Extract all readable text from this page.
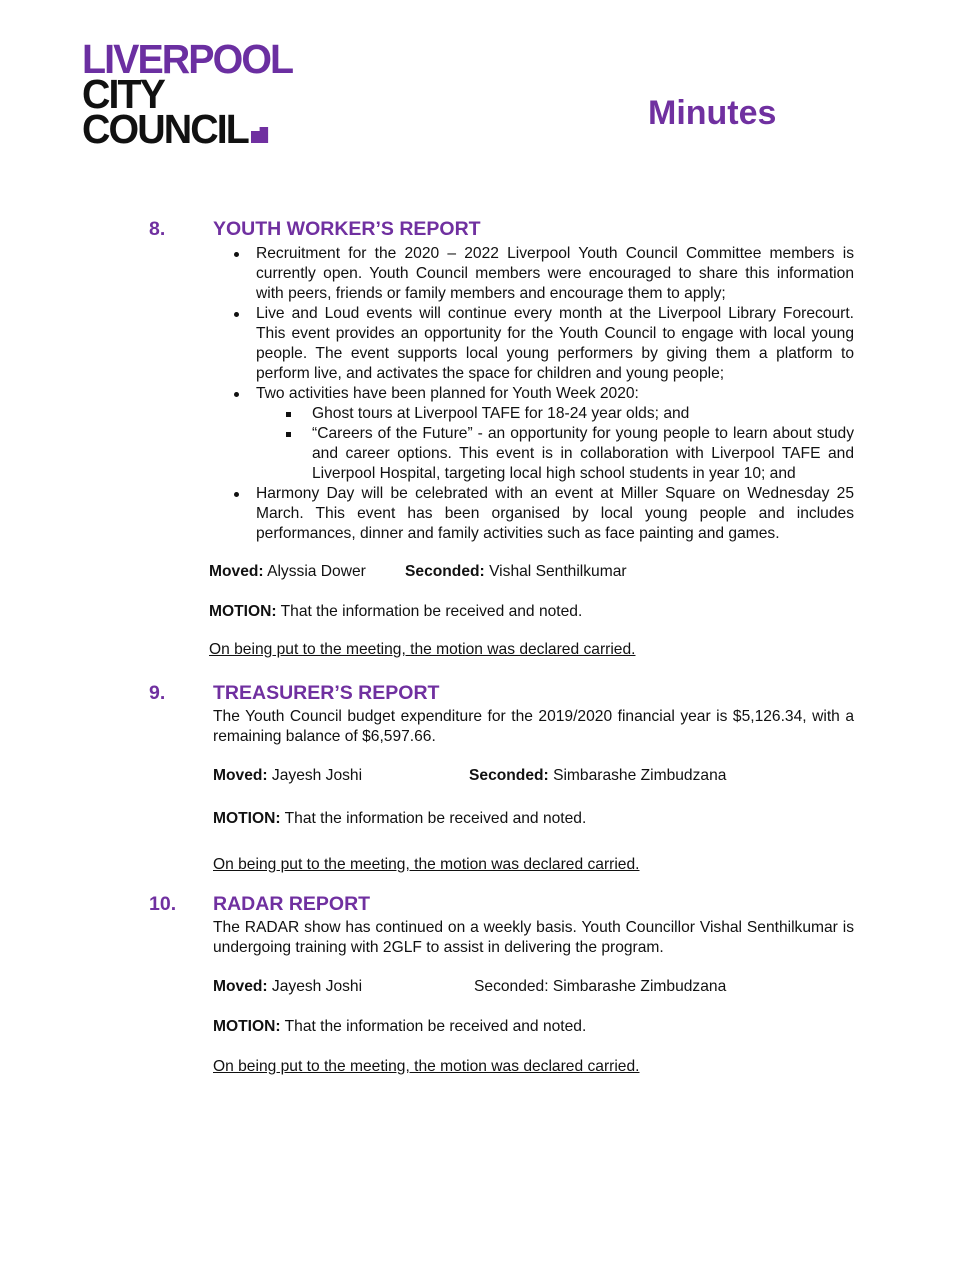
LIVERPOOL
CITY
COUNCIL	Minutes
8. YOUTH WORKER’S REPORT
Recruitment for the 2020 – 2022 Liverpool Youth Council Committee members is currently open. Youth Council members were encouraged to share this information with peers, friends or family members and encourage them to apply;
Live and Loud events will continue every month at the Liverpool Library Forecourt. This event provides an opportunity for the Youth Council to engage with local young people. The event supports local young performers by giving them a platform to perform live, and activates the space for children and young people;
Two activities have been planned for Youth Week 2020:
Ghost tours at Liverpool TAFE for 18-24 year olds; and
“Careers of the Future” - an opportunity for young people to learn about study and career options. This event is in collaboration with Liverpool TAFE and Liverpool Hospital, targeting local high school students in year 10; and
Harmony Day will be celebrated with an event at Miller Square on Wednesday 25 March. This event has been organised by local young people and includes performances, dinner and family activities such as face painting and games.
Moved: Alyssia Dower	Seconded: Vishal Senthilkumar
MOTION: That the information be received and noted.
On being put to the meeting, the motion was declared carried.
9. TREASURER’S REPORT
The Youth Council budget expenditure for the 2019/2020 financial year is $5,126.34, with a remaining balance of $6,597.66.
Moved: Jayesh Joshi	Seconded: Simbarashe Zimbudzana
MOTION: That the information be received and noted.
On being put to the meeting, the motion was declared carried.
10. RADAR REPORT
The RADAR show has continued on a weekly basis. Youth Councillor Vishal Senthilkumar is undergoing training with 2GLF to assist in delivering the program.
Moved: Jayesh Joshi	Seconded: Simbarashe Zimbudzana
MOTION: That the information be received and noted.
On being put to the meeting, the motion was declared carried.
